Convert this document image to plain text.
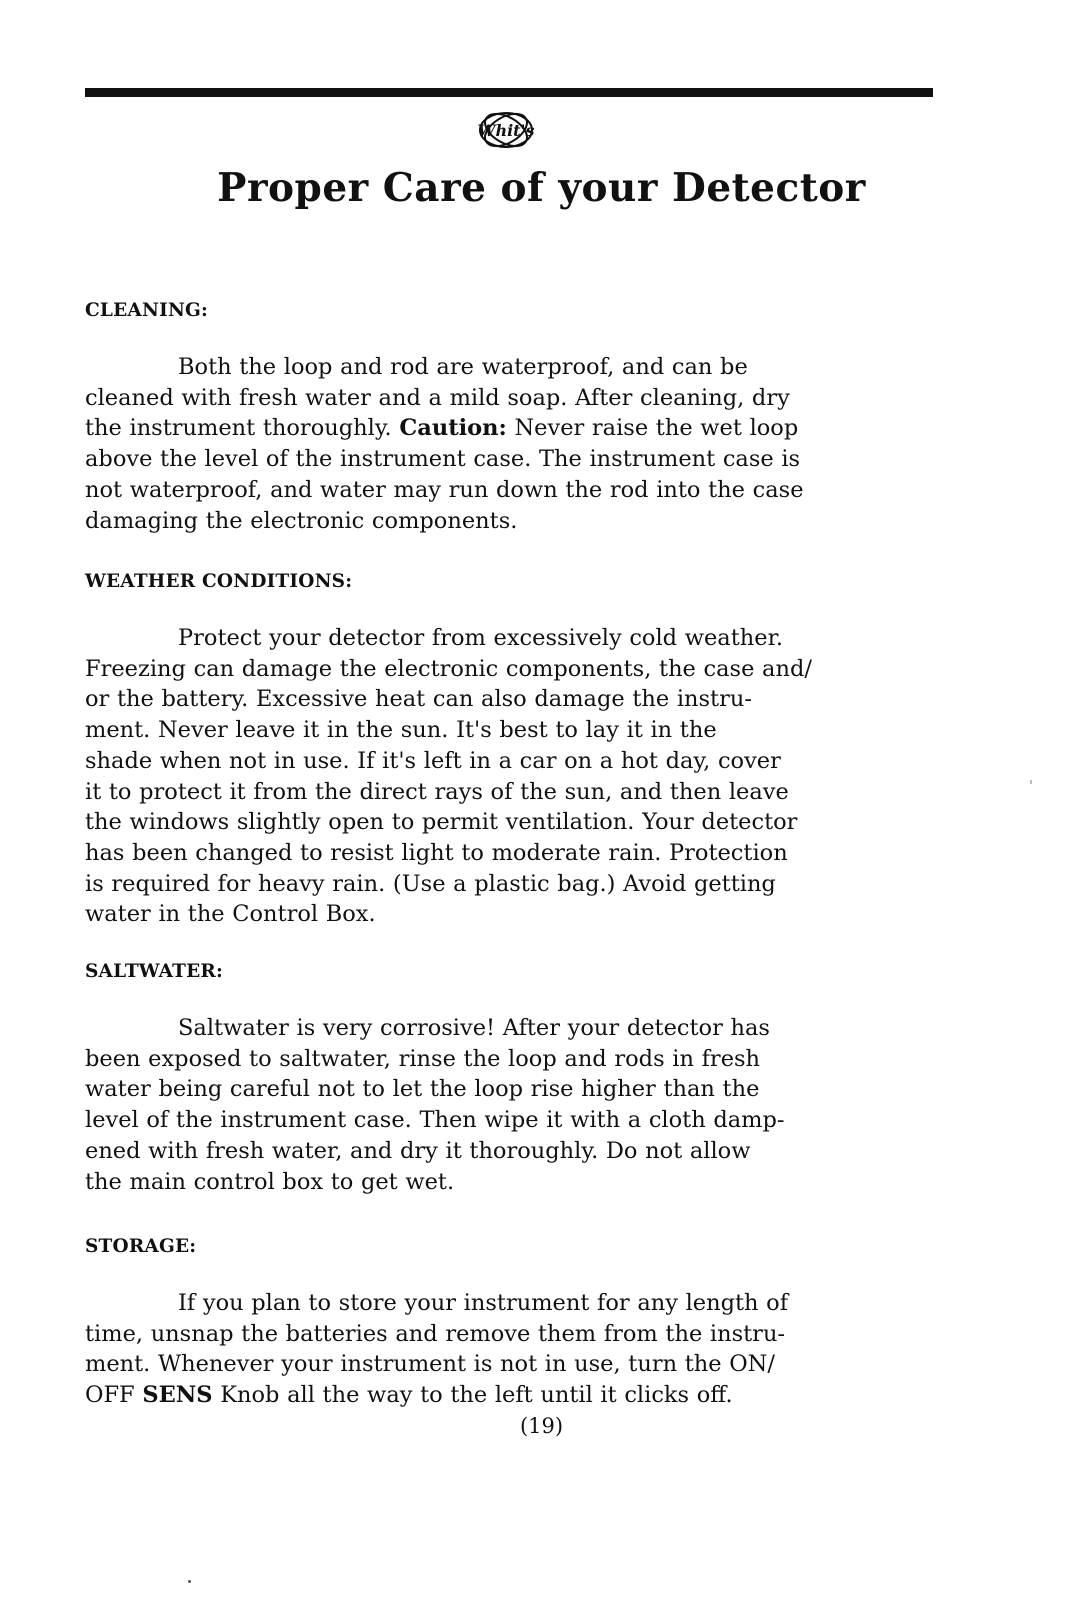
Whit's
Proper Care of your Detector
CLEANING:
Both the loop and rod are waterproof, and can be
cleaned with fresh water and a mild soap. After cleaning, dry
the instrument thoroughly. Caution: Never raise the wet loop
above the level of the instrument case. The instrument case is
not waterproof, and water may run down the rod into the case
damaging the electronic components.
WEATHER CONDITIONS:
Protect your detector from excessively cold weather.
Freezing can damage the electronic components, the case and/
or the battery. Excessive heat can also damage the instru-
ment. Never leave it in the sun. It's best to lay it in the
shade when not in use. If it's left in a car on a hot day, cover
it to protect it from the direct rays of the sun, and then leave
the windows slightly open to permit ventilation. Your detector
has been changed to resist light to moderate rain. Protection
is required for heavy rain. (Use a plastic bag.) Avoid getting
water in the Control Box.
SALTWATER:
Saltwater is very corrosive! After your detector has
been exposed to saltwater, rinse the loop and rods in fresh
water being careful not to let the loop rise higher than the
level of the instrument case. Then wipe it with a cloth damp-
ened with fresh water, and dry it thoroughly. Do not allow
the main control box to get wet.
STORAGE:
If you plan to store your instrument for any length of
time, unsnap the batteries and remove them from the instru-
ment. Whenever your instrument is not in use, turn the ON/
OFF SENS Knob all the way to the left until it clicks off.

(19)
